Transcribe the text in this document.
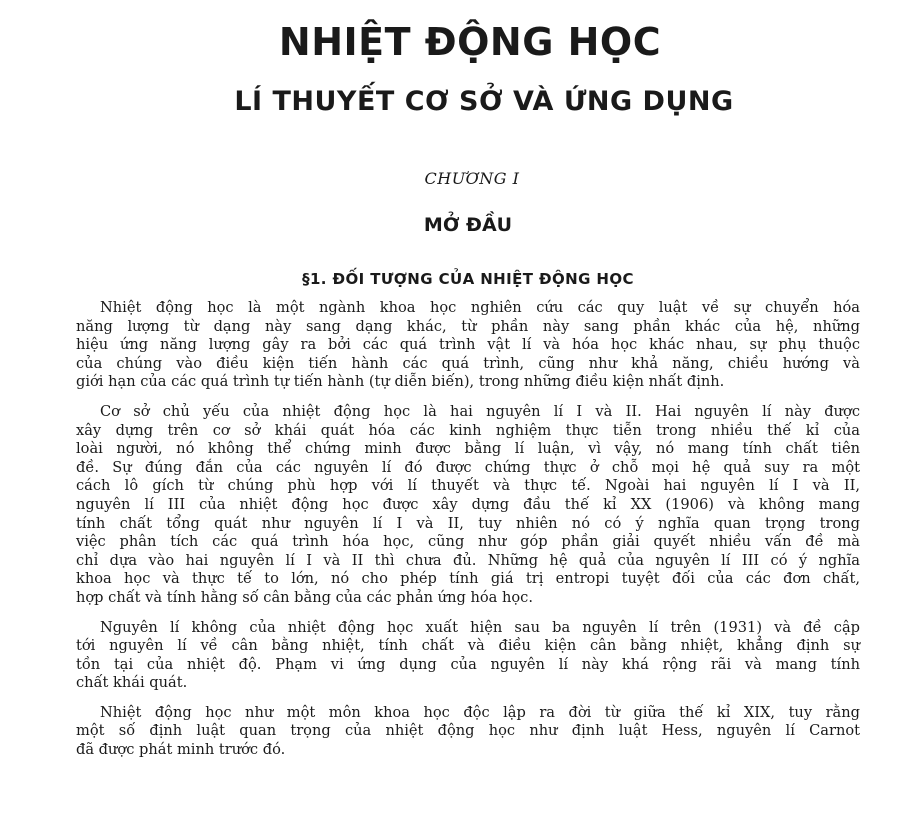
NHIỆT ĐỘNG HỌC
LÍ THUYẾT CƠ SỞ VÀ ỨNG DỤNG
CHƯƠNG I
MỞ ĐẦU
§1. ĐỐI TƯỢNG CỦA NHIỆT ĐỘNG HỌC

Nhiệt động học là một ngành khoa học nghiên cứu các quy luật về sự chuyển hóa
năng lượng từ dạng này sang dạng khác, từ phần này sang phần khác của hệ, những
hiệu ứng năng lượng gây ra bởi các quá trình vật lí và hóa học khác nhau, sự phụ thuộc
của chúng vào điều kiện tiến hành các quá trình, cũng như khả năng, chiều hướng và
giới hạn của các quá trình tự tiến hành (tự diễn biến), trong những điều kiện nhất định.

Cơ sở chủ yếu của nhiệt động học là hai nguyên lí I và II. Hai nguyên lí này được
xây dựng trên cơ sở khái quát hóa các kinh nghiệm thực tiễn trong nhiều thế kỉ của
loài người, nó không thể chứng minh được bằng lí luận, vì vậy, nó mang tính chất tiên
đề. Sự đúng đắn của các nguyên lí đó được chứng thực ở chỗ mọi hệ quả suy ra một
cách lô gích từ chúng phù hợp với lí thuyết và thực tế. Ngoài hai nguyên lí I và II,
nguyên lí III của nhiệt động học được xây dựng đầu thế kỉ XX (1906) và không mang
tính chất tổng quát như nguyên lí I và II, tuy nhiên nó có ý nghĩa quan trọng trong
việc phân tích các quá trình hóa học, cũng như góp phần giải quyết nhiều vấn đề mà
chỉ dựa vào hai nguyên lí I và II thì chưa đủ. Những hệ quả của nguyên lí III có ý nghĩa
khoa học và thực tế to lớn, nó cho phép tính giá trị entropi tuyệt đối của các đơn chất,
hợp chất và tính hằng số cân bằng của các phản ứng hóa học.

Nguyên lí không của nhiệt động học xuất hiện sau ba nguyên lí trên (1931) và đề cập
tới nguyên lí về cân bằng nhiệt, tính chất và điều kiện cân bằng nhiệt, khẳng định sự
tồn tại của nhiệt độ. Phạm vi ứng dụng của nguyên lí này khá rộng rãi và mang tính
chất khái quát.

Nhiệt động học như một môn khoa học độc lập ra đời từ giữa thế kỉ XIX, tuy rằng
một số định luật quan trọng của nhiệt động học như định luật Hess, nguyên lí Carnot
đã được phát minh trước đó.
